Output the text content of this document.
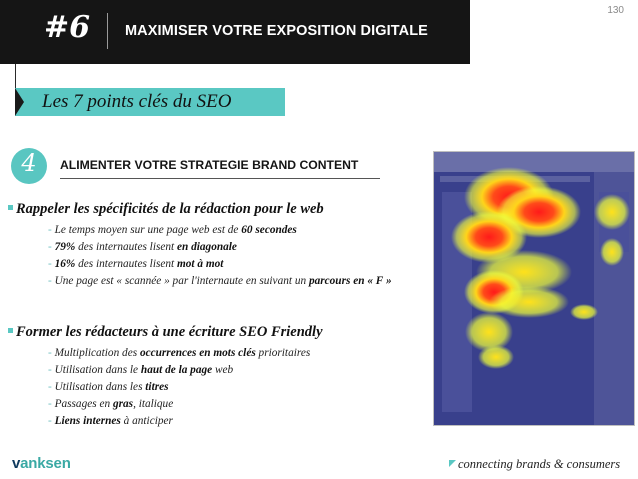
#6 MAXIMISER VOTRE EXPOSITION DIGITALE
130
Les 7 points clés du SEO
4	ALIMENTER VOTRE STRATEGIE BRAND CONTENT
Rappeler les spécificités de la rédaction pour le web
- Le temps moyen sur une page web est de 60 secondes
- 79% des internautes lisent en diagonale
- 16% des internautes lisent mot à mot
- Une page est « scannée » par l'internaute en suivant un parcours en « F »
Former les rédacteurs à une écriture SEO Friendly
- Multiplication des occurrences en mots clés prioritaires
- Utilisation dans le haut de la page web
- Utilisation dans les titres
- Passages en gras, italique
- Liens internes à anticiper
vanksen	connecting brands & consumers
